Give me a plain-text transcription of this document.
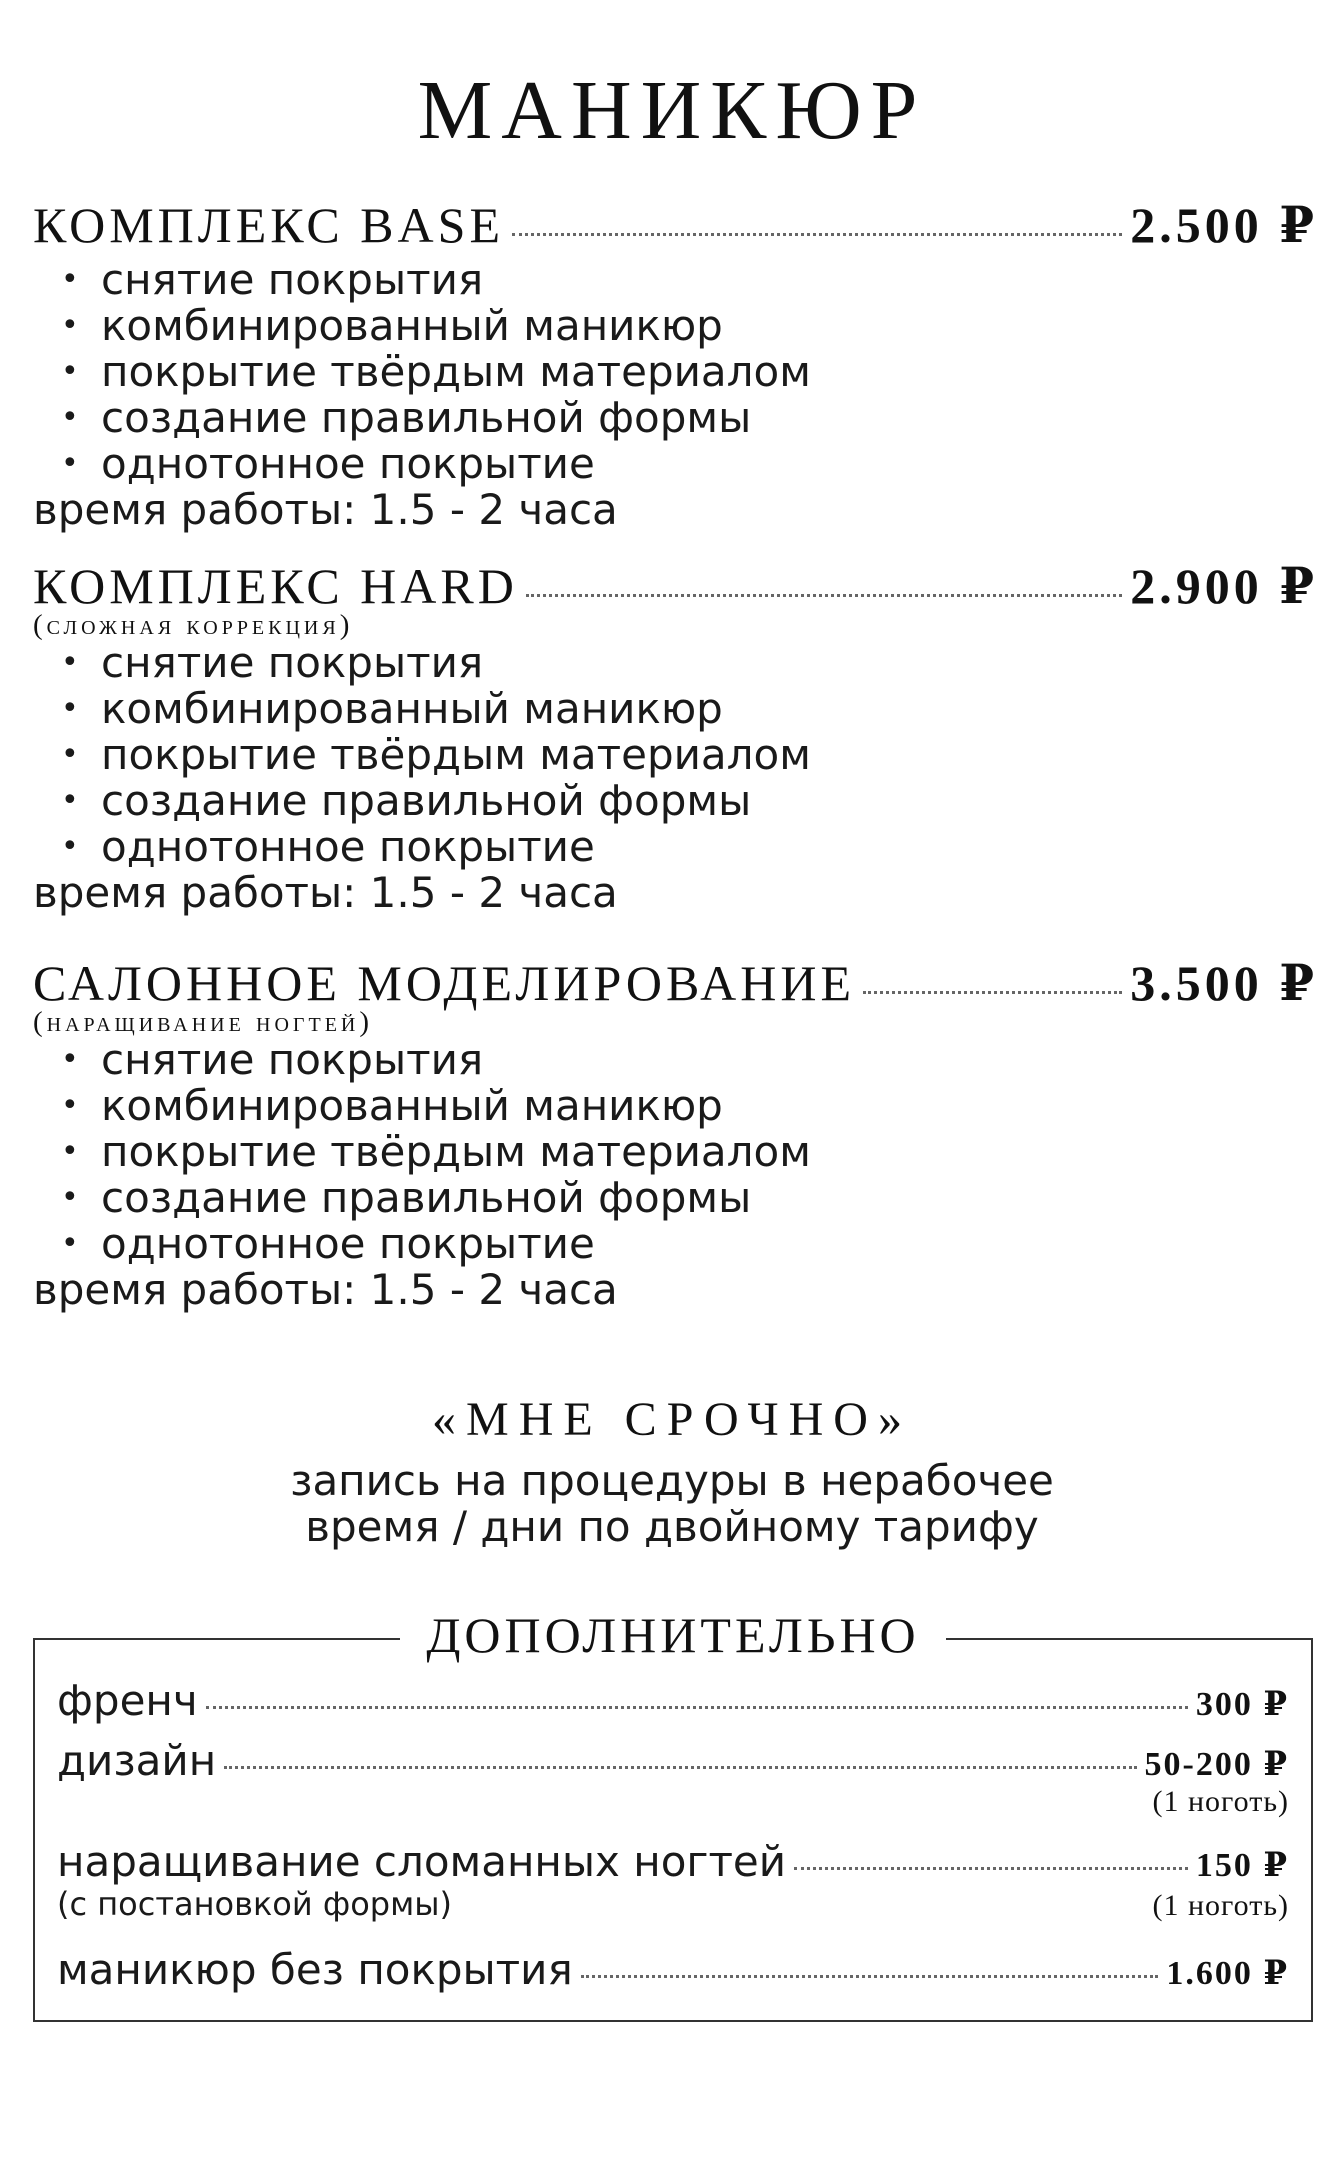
МАНИКЮР
КОМПЛЕКС BASE	2.500 ₽
• снятие покрытия
• комбинированный маникюр
• покрытие твёрдым материалом
• создание правильной формы
• однотонное покрытие
время работы: 1.5 - 2 часа
КОМПЛЕКС HARD	2.900 ₽
(сложная коррекция)
• снятие покрытия
• комбинированный маникюр
• покрытие твёрдым материалом
• создание правильной формы
• однотонное покрытие
время работы: 1.5 - 2 часа
САЛОННОЕ МОДЕЛИРОВАНИЕ	3.500 ₽
(наращивание ногтей)
• снятие покрытия
• комбинированный маникюр
• покрытие твёрдым материалом
• создание правильной формы
• однотонное покрытие
время работы: 1.5 - 2 часа
«МНЕ СРОЧНО»
запись на процедуры в нерабочее
время / дни по двойному тарифу
ДОПОЛНИТЕЛЬНО
френч	300 ₽
дизайн	50-200 ₽
(1 ноготь)
наращивание сломанных ногтей	150 ₽
(с постановкой формы)	(1 ноготь)
маникюр без покрытия	1.600 ₽
